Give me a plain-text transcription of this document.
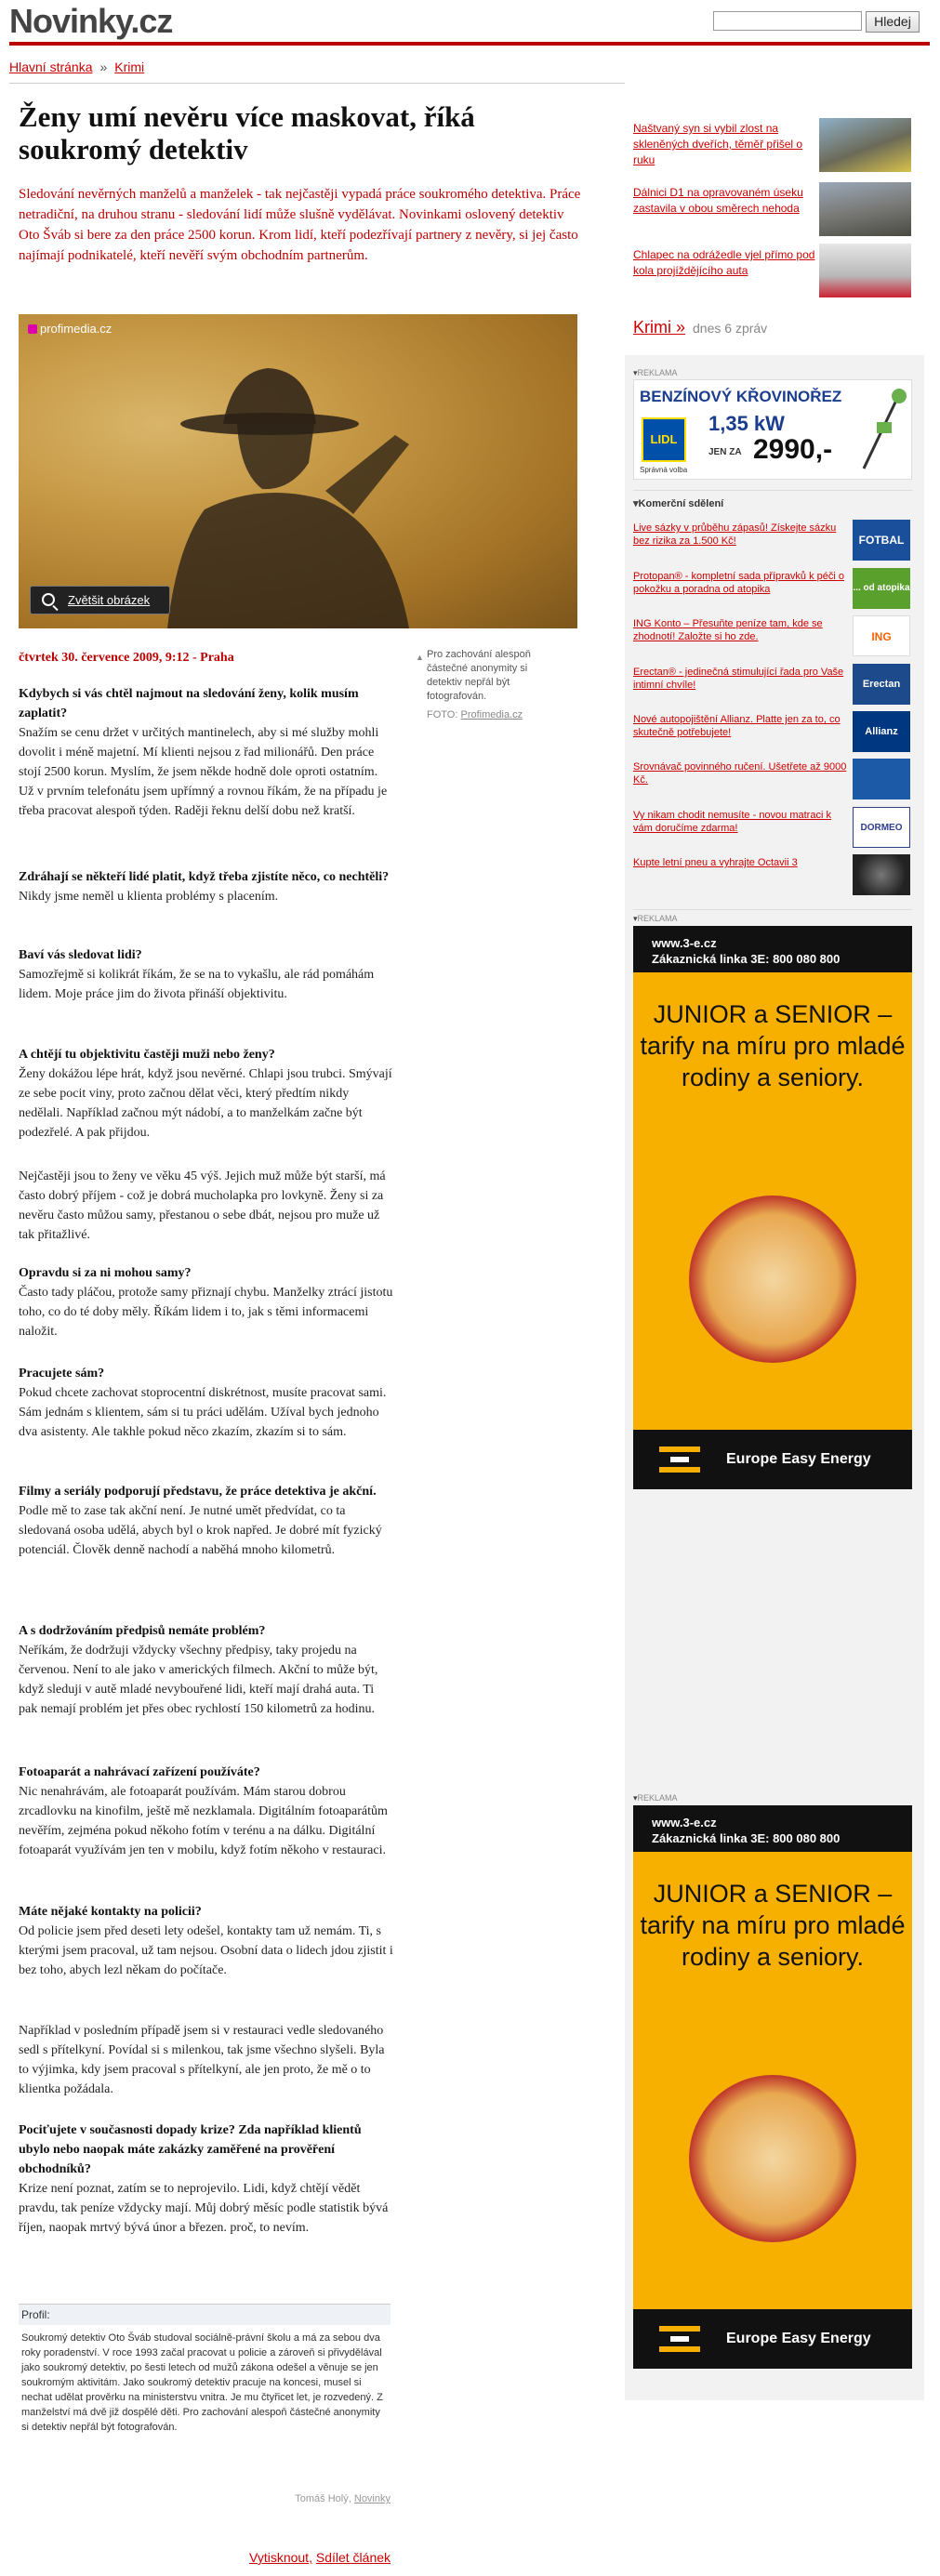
Novinky.cz	Hledej
Hlavní stránka » Krimi
Ženy umí nevěru více maskovat, říká soukromý detektiv

Sledování nevěrných manželů a manželek - tak nejčastěji vypadá práce soukromého detektiva. Práce netradiční, na druhou stranu - sledování lidí může slušně vydělávat. Novinkami oslovený detektiv Oto Šváb si bere za den práce 2500 korun. Krom lidí, kteří podezřívají partnery z nevěry, si jej často najímají podnikatelé, kteří nevěří svým obchodním partnerům.

profimedia.cz
Zvětšit obrázek
čtvrtek 30. července 2009, 9:12 - Praha	▲ Pro zachování alespoň částečné anonymity si detektiv nepřál být fotografován.

FOTO: Profimedia.cz

Kdybych si vás chtěl najmout na sledování ženy, kolik musím zaplatit?

Snažím se cenu držet v určitých mantinelech, aby si mé služby mohli dovolit i méně majetní. Mí klienti nejsou z řad milionářů. Den práce stojí 2500 korun. Myslím, že jsem někde hodně dole oproti ostatním. Už v prvním telefonátu jsem upřímný a rovnou říkám, že na případu je třeba pracovat alespoň týden. Raději řeknu delší dobu než kratší.

Zdráhají se někteří lidé platit, když třeba zjistíte něco, co nechtěli?

Nikdy jsme neměl u klienta problémy s placením.

Baví vás sledovat lidi?

Samozřejmě si kolikrát říkám, že se na to vykašlu, ale rád pomáhám lidem. Moje práce jim do života přináší objektivitu.

A chtějí tu objektivitu častěji muži nebo ženy?

Ženy dokážou lépe hrát, když jsou nevěrné. Chlapi jsou trubci. Smývají ze sebe pocit viny, proto začnou dělat věci, který předtím nikdy nedělali. Například začnou mýt nádobí, a to manželkám začne být podezřelé. A pak přijdou.

Nejčastěji jsou to ženy ve věku 45 výš. Jejich muž může být starší, má často dobrý příjem - což je dobrá mucholapka pro lovkyně. Ženy si za nevěru často můžou samy, přestanou o sebe dbát, nejsou pro muže už tak přitažlivé.

Opravdu si za ni mohou samy?

Často tady pláčou, protože samy přiznají chybu. Manželky ztrácí jistotu toho, co do té doby měly. Říkám lidem i to, jak s těmi informacemi naložit.

Pracujete sám?

Pokud chcete zachovat stoprocentní diskrétnost, musíte pracovat sami. Sám jednám s klientem, sám si tu práci udělám. Užíval bych jednoho dva asistenty. Ale takhle pokud něco zkazím, zkazím si to sám.

Filmy a seriály podporují představu, že práce detektiva je akční.

Podle mě to zase tak akční není. Je nutné umět předvídat, co ta sledovaná osoba udělá, abych byl o krok napřed. Je dobré mít fyzický potenciál. Člověk denně nachodí a naběhá mnoho kilometrů.

A s dodržováním předpisů nemáte problém?

Neříkám, že dodržuji vždycky všechny předpisy, taky projedu na červenou. Není to ale jako v amerických filmech. Akční to může být, když sleduji v autě mladé nevybouřené lidi, kteří mají drahá auta. Ti pak nemají problém jet přes obec rychlostí 150 kilometrů za hodinu.

Fotoaparát a nahrávací zařízení používáte?

Nic nenahrávám, ale fotoaparát používám. Mám starou dobrou zrcadlovku na kinofilm, ještě mě nezklamala. Digitálním fotoaparátům nevěřím, zejména pokud někoho fotím v terénu a na dálku. Digitální fotoaparát využívám jen ten v mobilu, když fotím někoho v restauraci.

Máte nějaké kontakty na policii?

Od policie jsem před deseti lety odešel, kontakty tam už nemám. Ti, s kterými jsem pracoval, už tam nejsou. Osobní data o lidech jdou zjistit i bez toho, abych lezl někam do počítače.

Například v posledním případě jsem si v restauraci vedle sledovaného sedl s přítelkyní. Povídal si s milenkou, tak jsme všechno slyšeli. Byla to výjimka, kdy jsem pracoval s přítelkyní, ale jen proto, že mě o to klientka požádala.

Pociťujete v současnosti dopady krize? Zda například klientů ubylo nebo naopak máte zakázky zaměřené na prověření obchodníků?

Krize není poznat, zatím se to neprojevilo. Lidi, když chtějí vědět pravdu, tak peníze vždycky mají. Můj dobrý měsíc podle statistik bývá říjen, naopak mrtvý bývá únor a březen. proč, to nevím.

Profil:

Soukromý detektiv Oto Šváb studoval sociálně-právní školu a má za sebou dva roky poradenství. V roce 1993 začal pracovat u policie a zároveň si přivydělával jako soukromý detektiv, po šesti letech od mužů zákona odešel a věnuje se jen soukromým aktivitám. Jako soukromý detektiv pracuje na koncesi, musel si nechat udělat prověrku na ministerstvu vnitra. Je mu čtyřicet let, je rozvedený. Z manželství má dvě již dospělé děti. Pro zachování alespoň částečné anonymity si detektiv nepřál být fotografován.

Tomáš Holý, Novinky
Vytisknout, Sdílet článek
Naštvaný syn si vybil zlost na skleněných dveřích, těměř přišel o ruku
Dálnici D1 na opravovaném úseku zastavila v obou směrech nehoda
Chlapec na odrážedle vjel přímo pod kola projíždějícího auta
Krimi » dnes 6 zpráv
▾ REKLAMA
BENZÍNOVÝ KŘOVINOŘEZ
LIDL
Správná volba
1,35 kW
JEN ZA 2990,-
▾ Komerční sdělení
Live sázky v průběhu zápasů! Získejte sázku bez rizika za 1.500 Kč!	FOTBAL
Protopan® - kompletní sada přípravků k péči o pokožku a poradna od atopika	... od atopika
ING Konto – Přesuňte peníze tam, kde se zhodnotí! Založte si ho zde.	ING
Erectan® - jedinečná stimulující řada pro Vaše intimní chvíle!	Erectan
Nové autopojištění Allianz. Platte jen za to, co skutečně potřebujete!	Allianz
Srovnávač povinného ručení. Ušetřete až 9000 Kč.
Vy nikam chodit nemusíte - novou matraci k vám doručíme zdarma!	DORMEO
Kupte letní pneu a vyhrajte Octavii 3
▾ REKLAMA
www.3-e.cz
Zákaznická linka 3E: 800 080 800
JUNIOR a SENIOR – tarify na míru pro mladé rodiny a seniory.
Europe Easy Energy
▾ REKLAMA
www.3-e.cz
Zákaznická linka 3E: 800 080 800
JUNIOR a SENIOR – tarify na míru pro mladé rodiny a seniory.
Europe Easy Energy
